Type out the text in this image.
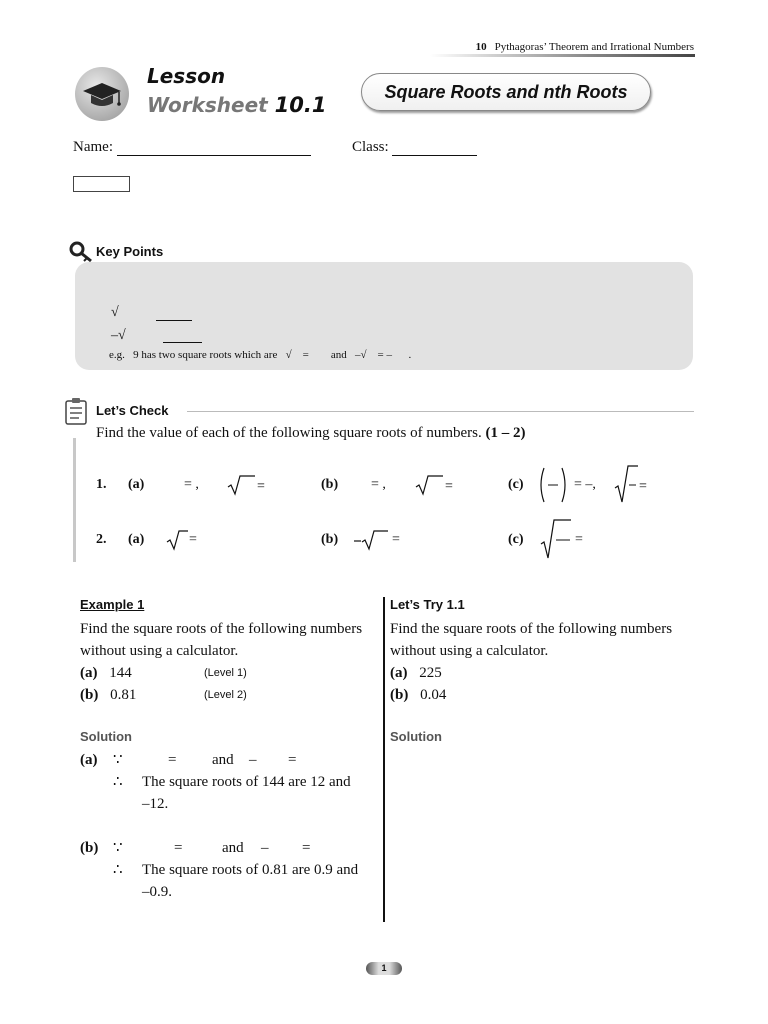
10 Pythagoras’ Theorem and Irrational Numbers
Lesson
Worksheet 10.1
Square Roots and nth Roots
Name:	Class:
Key Points
√
–√
e.g. 9 has two square roots which are √ = and –√ = – .
Let’s Check
Find the value of each of the following square roots of numbers. (1 – 2)
1. (a)	= ,	=	(b) = ,	=	(c)	= –,	=
2. (a)	=	(b)	=	(c)	=
Example 1
Find the square roots of the following numbers
without using a calculator.
(a) 144	(Level 1)
(b) 0.81	(Level 2)
Solution
(a) ∵	= and – =
∴ The square roots of 144 are 12 and
–12.
(b) ∵	=	and – =
∴ The square roots of 0.81 are 0.9 and
–0.9.
Let’s Try 1.1
Find the square roots of the following numbers
without using a calculator.
(a) 225
(b) 0.04
Solution
1
